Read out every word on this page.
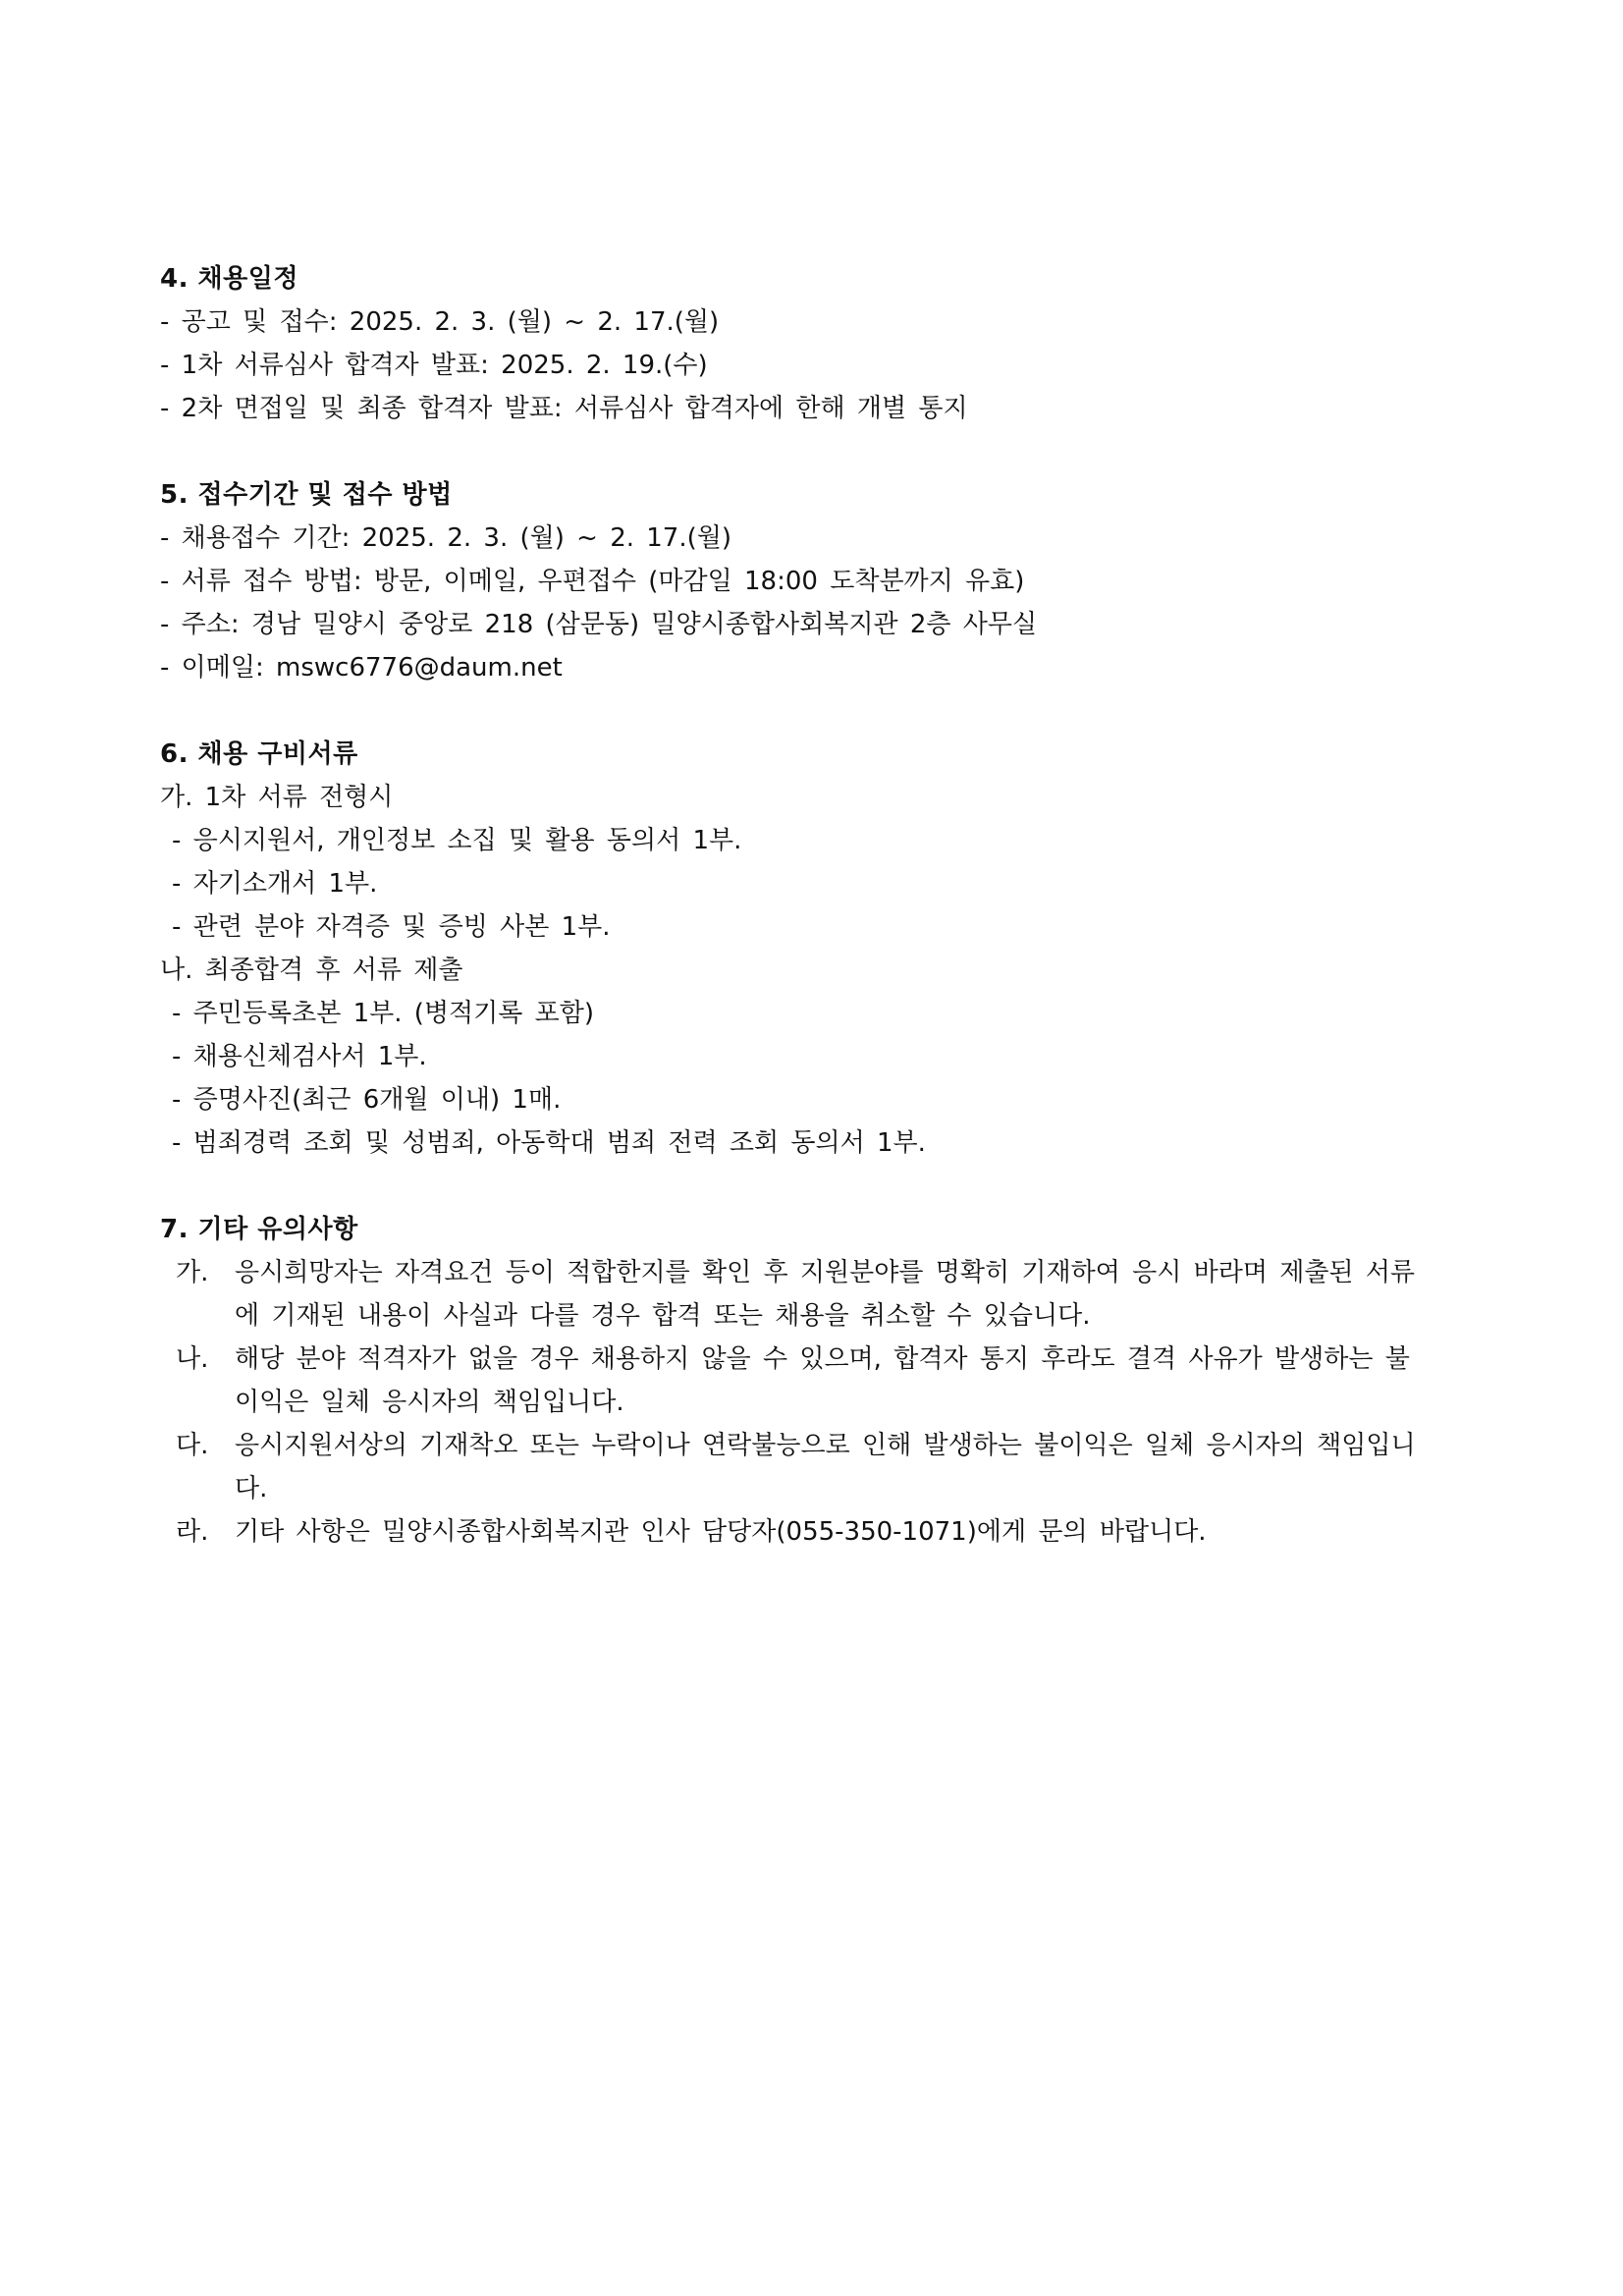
4. 채용일정

- 공고 및 접수: 2025. 2. 3. (월) ~ 2. 17.(월)

- 1차 서류심사 합격자 발표: 2025. 2. 19.(수)

- 2차 면접일 및 최종 합격자 발표: 서류심사 합격자에 한해 개별 통지

5. 접수기간 및 접수 방법

- 채용접수 기간: 2025. 2. 3. (월) ~ 2. 17.(월)

- 서류 접수 방법: 방문, 이메일, 우편접수 (마감일 18:00 도착분까지 유효)

- 주소: 경남 밀양시 중앙로 218 (삼문동) 밀양시종합사회복지관 2층 사무실

- 이메일: mswc6776@daum.net

6. 채용 구비서류

가. 1차 서류 전형시

- 응시지원서, 개인정보 소집 및 활용 동의서 1부.

- 자기소개서 1부.

- 관련 분야 자격증 및 증빙 사본 1부.

나. 최종합격 후 서류 제출

- 주민등록초본 1부. (병적기록 포함)

- 채용신체검사서 1부.

- 증명사진(최근 6개월 이내) 1매.

- 범죄경력 조회 및 성범죄, 아동학대 범죄 전력 조회 동의서 1부.

7. 기타 유의사항

가.	응시희망자는 자격요건 등이 적합한지를 확인 후 지원분야를 명확히 기재하여 응시 바라며 제출된 서류

에 기재된 내용이 사실과 다를 경우 합격 또는 채용을 취소할 수 있습니다.

나.	해당 분야 적격자가 없을 경우 채용하지 않을 수 있으며, 합격자 통지 후라도 결격 사유가 발생하는 불

이익은 일체 응시자의 책임입니다.

다.	응시지원서상의 기재착오 또는 누락이나 연락불능으로 인해 발생하는 불이익은 일체 응시자의 책임입니

다.

라.	기타 사항은 밀양시종합사회복지관 인사 담당자(055-350-1071)에게 문의 바랍니다.
